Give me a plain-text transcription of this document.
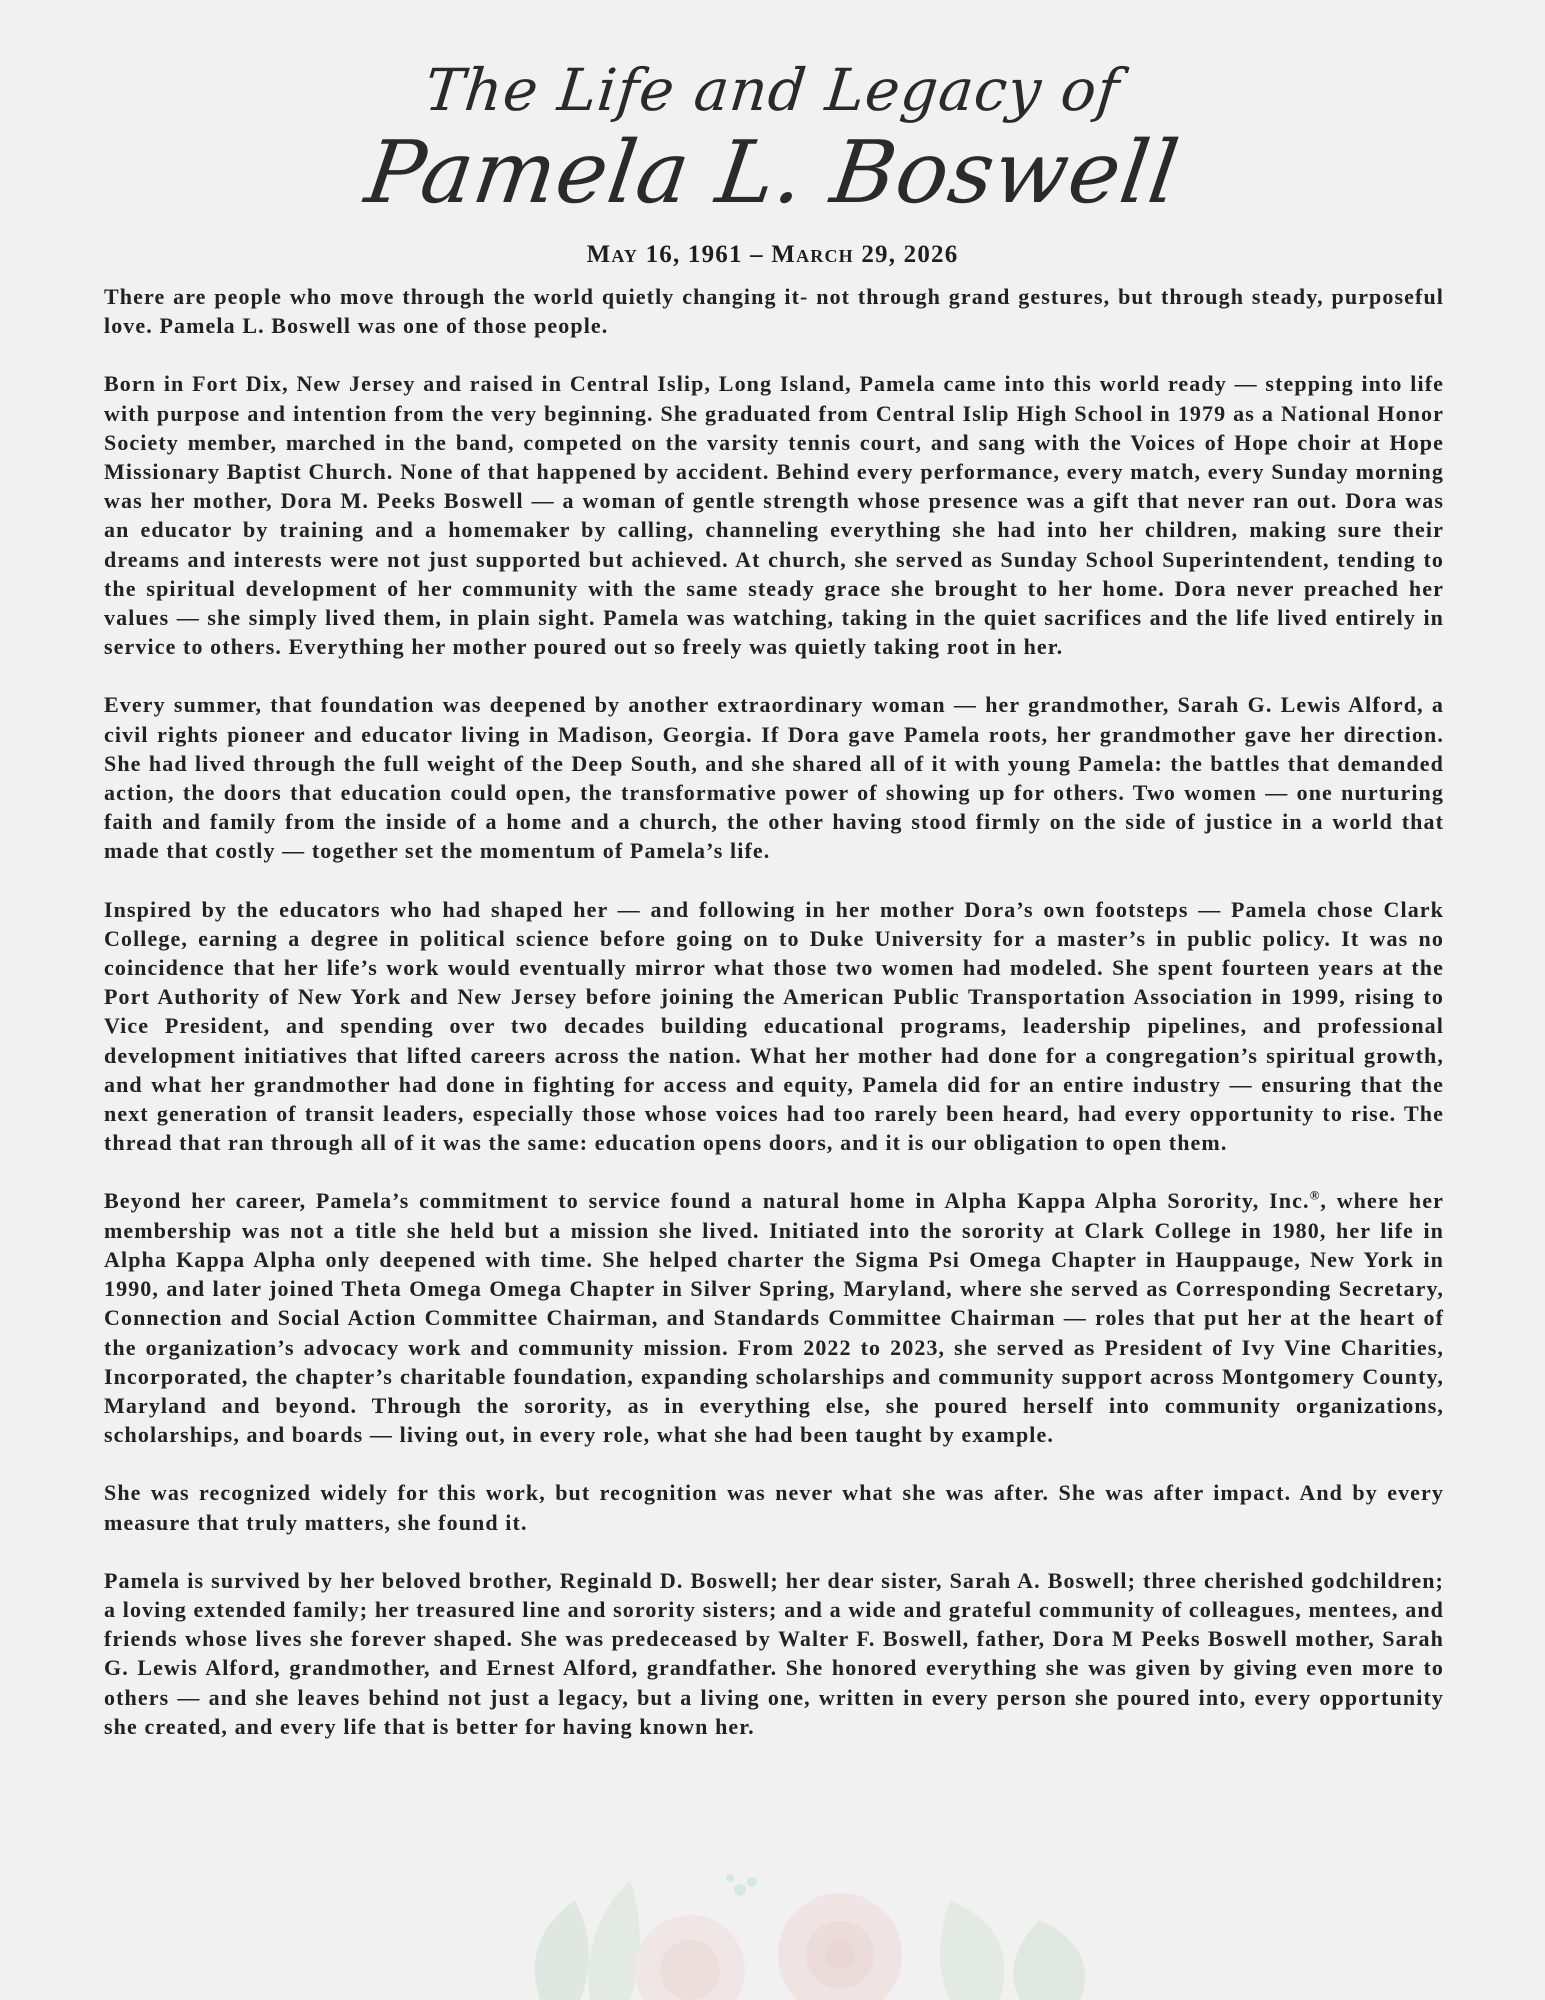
The Life and Legacy of
Pamela L. Boswell
May 16, 1961 – March 29, 2026

There are people who move through the world quietly changing it- not through grand gestures, but through steady, purposeful love. Pamela L. Boswell was one of those people.

Born in Fort Dix, New Jersey and raised in Central Islip, Long Island, Pamela came into this world ready — stepping into life with purpose and intention from the very beginning. She graduated from Central Islip High School in 1979 as a National Honor Society member, marched in the band, competed on the varsity tennis court, and sang with the Voices of Hope choir at Hope Missionary Baptist Church. None of that happened by accident. Behind every performance, every match, every Sunday morning was her mother, Dora M. Peeks Boswell — a woman of gentle strength whose presence was a gift that never ran out. Dora was an educator by training and a homemaker by calling, channeling everything she had into her children, making sure their dreams and interests were not just supported but achieved. At church, she served as Sunday School Superintendent, tending to the spiritual development of her community with the same steady grace she brought to her home. Dora never preached her values — she simply lived them, in plain sight. Pamela was watching, taking in the quiet sacrifices and the life lived entirely in service to others. Everything her mother poured out so freely was quietly taking root in her.

Every summer, that foundation was deepened by another extraordinary woman — her grandmother, Sarah G. Lewis Alford, a civil rights pioneer and educator living in Madison, Georgia. If Dora gave Pamela roots, her grandmother gave her direction. She had lived through the full weight of the Deep South, and she shared all of it with young Pamela: the battles that demanded action, the doors that education could open, the transformative power of showing up for others. Two women — one nurturing faith and family from the inside of a home and a church, the other having stood firmly on the side of justice in a world that made that costly — together set the momentum of Pamela’s life.

Inspired by the educators who had shaped her — and following in her mother Dora’s own footsteps — Pamela chose Clark College, earning a degree in political science before going on to Duke University for a master’s in public policy. It was no coincidence that her life’s work would eventually mirror what those two women had modeled. She spent fourteen years at the Port Authority of New York and New Jersey before joining the American Public Transportation Association in 1999, rising to Vice President, and spending over two decades building educational programs, leadership pipelines, and professional development initiatives that lifted careers across the nation. What her mother had done for a congregation’s spiritual growth, and what her grandmother had done in fighting for access and equity, Pamela did for an entire industry — ensuring that the next generation of transit leaders, especially those whose voices had too rarely been heard, had every opportunity to rise. The thread that ran through all of it was the same: education opens doors, and it is our obligation to open them.

Beyond her career, Pamela’s commitment to service found a natural home in Alpha Kappa Alpha Sorority, Inc.®, where her membership was not a title she held but a mission she lived. Initiated into the sorority at Clark College in 1980, her life in Alpha Kappa Alpha only deepened with time. She helped charter the Sigma Psi Omega Chapter in Hauppauge, New York in 1990, and later joined Theta Omega Omega Chapter in Silver Spring, Maryland, where she served as Corresponding Secretary, Connection and Social Action Committee Chairman, and Standards Committee Chairman — roles that put her at the heart of the organization’s advocacy work and community mission. From 2022 to 2023, she served as President of Ivy Vine Charities, Incorporated, the chapter’s charitable foundation, expanding scholarships and community support across Montgomery County, Maryland and beyond. Through the sorority, as in everything else, she poured herself into community organizations, scholarships, and boards — living out, in every role, what she had been taught by example.

She was recognized widely for this work, but recognition was never what she was after. She was after impact. And by every measure that truly matters, she found it.

Pamela is survived by her beloved brother, Reginald D. Boswell; her dear sister, Sarah A. Boswell; three cherished godchildren; a loving extended family; her treasured line and sorority sisters; and a wide and grateful community of colleagues, mentees, and friends whose lives she forever shaped. She was predeceased by Walter F. Boswell, father, Dora M Peeks Boswell mother, Sarah G. Lewis Alford, grandmother, and Ernest Alford, grandfather. She honored everything she was given by giving even more to others — and she leaves behind not just a legacy, but a living one, written in every person she poured into, every opportunity she created, and every life that is better for having known her.
